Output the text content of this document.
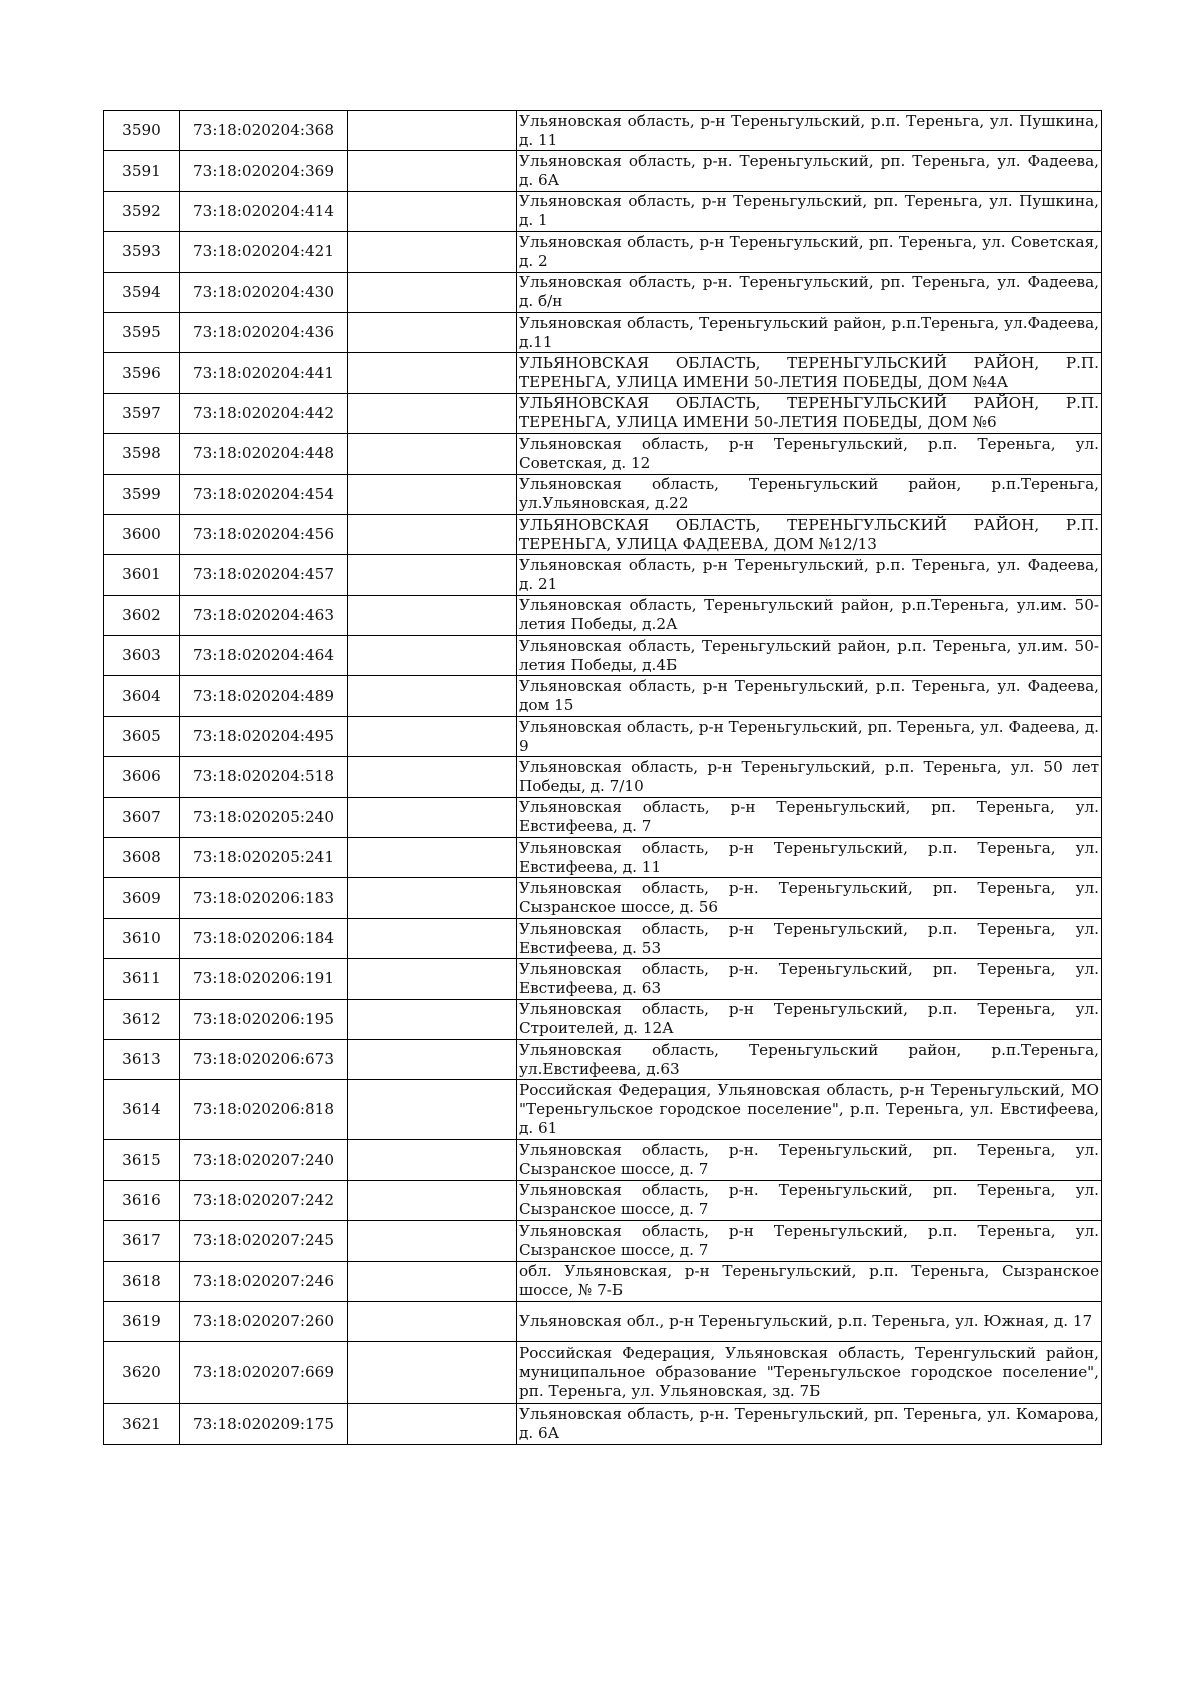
3590	73:18:020204:368		Ульяновская область, р-н Тереньгульский, р.п. Тереньга, ул. Пушкина, д. 11
3591	73:18:020204:369		Ульяновская область, р-н. Тереньгульский, рп. Тереньга, ул. Фадеева, д. 6А
3592	73:18:020204:414		Ульяновская область, р-н Тереньгульский, рп. Тереньга, ул. Пушкина, д. 1
3593	73:18:020204:421		Ульяновская область, р-н Тереньгульский, рп. Тереньга, ул. Советская, д. 2
3594	73:18:020204:430		Ульяновская область, р-н. Тереньгульский, рп. Тереньга, ул. Фадеева, д. б/н
3595	73:18:020204:436		Ульяновская область, Тереньгульский район, р.п.Тереньга, ул.Фадеева, д.11
3596	73:18:020204:441		УЛЬЯНОВСКАЯ ОБЛАСТЬ, ТЕРЕНЬГУЛЬСКИЙ РАЙОН, Р.П. ТЕРЕНЬГА, УЛИЦА ИМЕНИ 50-ЛЕТИЯ ПОБЕДЫ, ДОМ №4А
3597	73:18:020204:442		УЛЬЯНОВСКАЯ ОБЛАСТЬ, ТЕРЕНЬГУЛЬСКИЙ РАЙОН, Р.П. ТЕРЕНЬГА, УЛИЦА ИМЕНИ 50-ЛЕТИЯ ПОБЕДЫ, ДОМ №6
3598	73:18:020204:448		Ульяновская область, р-н Тереньгульский, р.п. Тереньга, ул. Советская, д. 12
3599	73:18:020204:454		Ульяновская область, Тереньгульский район, р.п.Тереньга, ул.Ульяновская, д.22
3600	73:18:020204:456		УЛЬЯНОВСКАЯ ОБЛАСТЬ, ТЕРЕНЬГУЛЬСКИЙ РАЙОН, Р.П. ТЕРЕНЬГА, УЛИЦА ФАДЕЕВА, ДОМ №12/13
3601	73:18:020204:457		Ульяновская область, р-н Тереньгульский, р.п. Тереньга, ул. Фадеева, д. 21
3602	73:18:020204:463		Ульяновская область, Тереньгульский район, р.п.Тереньга, ул.им. 50-летия Победы, д.2А
3603	73:18:020204:464		Ульяновская область, Тереньгульский район, р.п. Тереньга, ул.им. 50-летия Победы, д.4Б
3604	73:18:020204:489		Ульяновская область, р-н Тереньгульский, р.п. Тереньга, ул. Фадеева, дом 15
3605	73:18:020204:495		Ульяновская область, р-н Тереньгульский, рп. Тереньга, ул. Фадеева, д. 9
3606	73:18:020204:518		Ульяновская область, р-н Тереньгульский, р.п. Тереньга, ул. 50 лет Победы, д. 7/10
3607	73:18:020205:240		Ульяновская область, р-н Тереньгульский, рп. Тереньга, ул. Евстифеева, д. 7
3608	73:18:020205:241		Ульяновская область, р-н Тереньгульский, р.п. Тереньга, ул. Евстифеева, д. 11
3609	73:18:020206:183		Ульяновская область, р-н. Тереньгульский, рп. Тереньга, ул. Сызранское шоссе, д. 56
3610	73:18:020206:184		Ульяновская область, р-н Тереньгульский, р.п. Тереньга, ул. Евстифеева, д. 53
3611	73:18:020206:191		Ульяновская область, р-н. Тереньгульский, рп. Тереньга, ул. Евстифеева, д. 63
3612	73:18:020206:195		Ульяновская область, р-н Тереньгульский, р.п. Тереньга, ул. Строителей, д. 12А
3613	73:18:020206:673		Ульяновская область, Тереньгульский район, р.п.Тереньга, ул.Евстифеева, д.63
3614	73:18:020206:818		Российская Федерация, Ульяновская область, р-н Тереньгульский, МО "Тереньгульское городское поселение", р.п. Тереньга, ул. Евстифеева, д. 61
3615	73:18:020207:240		Ульяновская область, р-н. Тереньгульский, рп. Тереньга, ул. Сызранское шоссе, д. 7
3616	73:18:020207:242		Ульяновская область, р-н. Тереньгульский, рп. Тереньга, ул. Сызранское шоссе, д. 7
3617	73:18:020207:245		Ульяновская область, р-н Тереньгульский, р.п. Тереньга, ул. Сызранское шоссе, д. 7
3618	73:18:020207:246		обл. Ульяновская, р-н Тереньгульский, р.п. Тереньга, Сызранское шоссе, № 7-Б
3619	73:18:020207:260		Ульяновская обл., р-н Тереньгульский, р.п. Тереньга, ул. Южная, д. 17
3620	73:18:020207:669		Российская Федерация, Ульяновская область, Теренгульский район, муниципальное образование "Тереньгульское городское поселение", рп. Тереньга, ул. Ульяновская, зд. 7Б
3621	73:18:020209:175		Ульяновская область, р-н. Тереньгульский, рп. Тереньга, ул. Комарова, д. 6А
